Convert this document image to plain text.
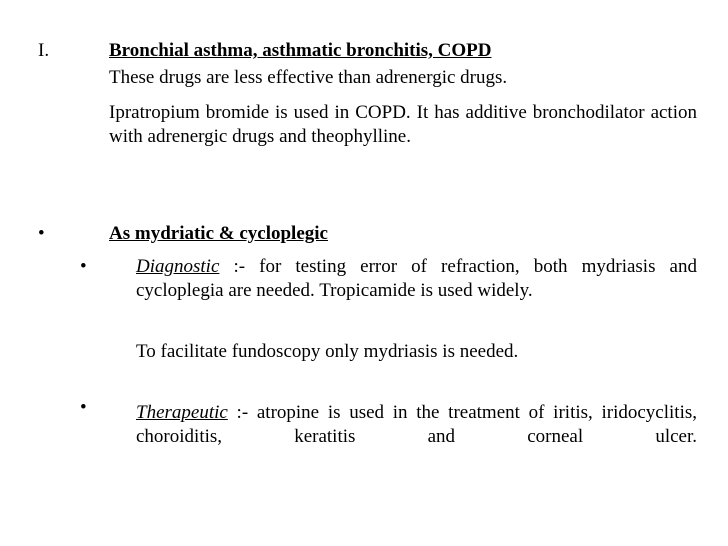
I.	Bronchial asthma, asthmatic bronchitis, COPD
These drugs are less effective than adrenergic drugs.
Ipratropium bromide is used in COPD. It has additive bronchodilator action with adrenergic drugs and theophylline.
•	As mydriatic & cycloplegic
•	Diagnostic :- for testing error of refraction, both mydriasis and cycloplegia are needed. Tropicamide is used widely.
To facilitate fundoscopy only mydriasis is needed.
•	Therapeutic :- atropine is used in the treatment of iritis, iridocyclitis, choroiditis, keratitis and corneal ulcer.
